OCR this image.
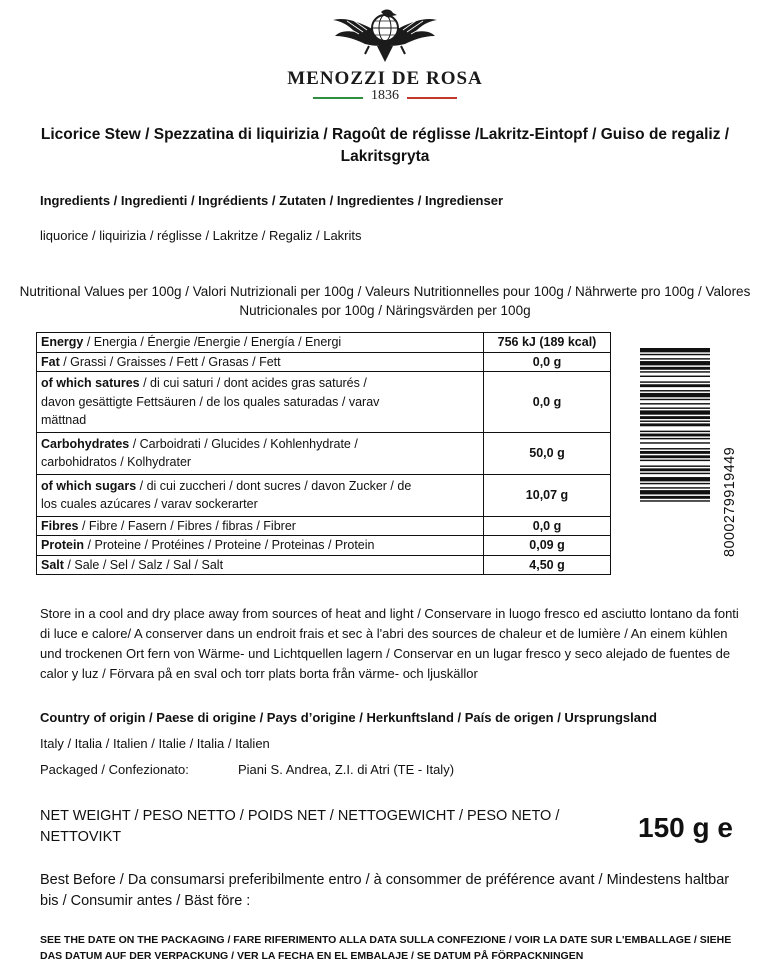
MENOZZI DE ROSA
1836
Licorice Stew / Spezzatina di liquirizia / Ragoût de réglisse /Lakritz-Eintopf / Guiso de regaliz / Lakritsgryta
Ingredients / Ingredienti / Ingrédients / Zutaten / Ingredientes / Ingredienser
liquorice / liquirizia / réglisse / Lakritze / Regaliz / Lakrits
Nutritional Values per 100g / Valori Nutrizionali per 100g / Valeurs Nutritionnelles pour 100g / Nährwerte pro 100g / Valores Nutricionales por 100g / Näringsvärden per 100g
Energy / Energia / Énergie /Energie / Energía / Energi	756 kJ (189 kcal)
Fat / Grassi / Graisses / Fett / Grasas / Fett	0,0 g

of which satures / di cui saturi / dont acides gras saturés / davon gesättigte Fettsäuren / de los quales saturadas / varav mättnad	0,0 g

Carbohydrates / Carboidrati / Glucides / Kohlenhydrate / carbohidratos / Kolhydrater	50,0 g

of which sugars / di cui zuccheri / dont sucres / davon Zucker / de los cuales azúcares / varav sockerarter	10,07 g
Fibres / Fibre / Fasern / Fibres / fibras / Fibrer	0,0 g
Protein / Proteine / Protéines / Proteine / Proteinas / Protein	0,09 g
Salt / Sale / Sel / Salz / Sal / Salt	4,50 g
8000279919449
Store in a cool and dry place away from sources of heat and light / Conservare in luogo fresco ed asciutto lontano da fonti di luce e calore/ A conserver dans un endroit frais et sec à l'abri des sources de chaleur et de lumière / An einem kühlen und trockenen Ort fern von Wärme- und Lichtquellen lagern / Conservar en un lugar fresco y seco alejado de fuentes de calor y luz / Förvara på en sval och torr plats borta från värme- och ljuskällor
Country of origin / Paese di origine / Pays d’origine / Herkunftsland / País de origen / Ursprungsland
Italy / Italia / Italien / Italie / Italia / Italien
Packaged / Confezionato:	Piani S. Andrea, Z.I. di Atri (TE - Italy)
NET WEIGHT / PESO NETTO / POIDS NET / NETTOGEWICHT / PESO NETO / NETTOVIKT	150 g e
Best Before / Da consumarsi preferibilmente entro / à consommer de préférence avant / Mindestens haltbar bis / Consumir antes / Bäst före :
SEE THE DATE ON THE PACKAGING / FARE RIFERIMENTO ALLA DATA SULLA CONFEZIONE / VOIR LA DATE SUR L'EMBALLAGE / SIEHE DAS DATUM AUF DER VERPACKUNG / VER LA FECHA EN EL EMBALAJE / SE DATUM PÅ FÖRPACKNINGEN
